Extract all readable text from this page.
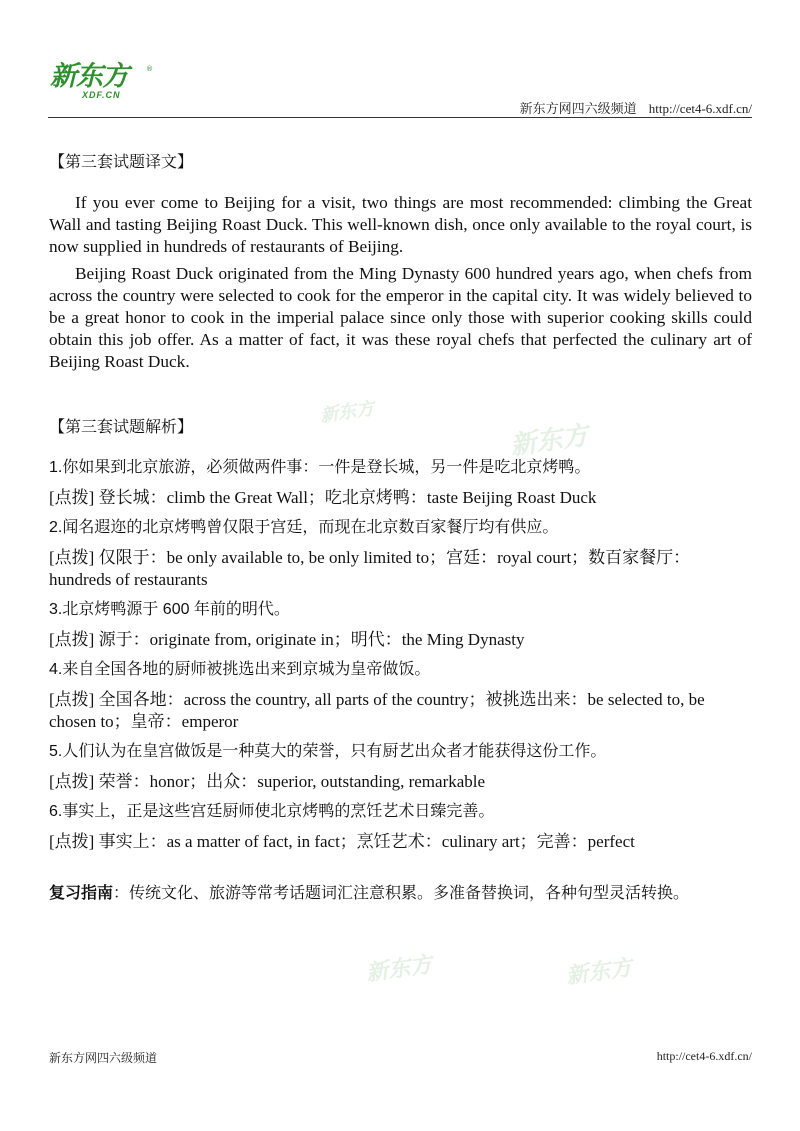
新东方
XDF.CN
®
新东方网四六级频道 http://cet4-6.xdf.cn/
新东方
新东方
新东方	新东方

【第三套试题译文】

If you ever come to Beijing for a visit, two things are most recommended: climbing the Great Wall and tasting Beijing Roast Duck. This well-known dish, once only available to the royal court, is now supplied in hundreds of restaurants of Beijing.

Beijing Roast Duck originated from the Ming Dynasty 600 hundred years ago, when chefs from across the country were selected to cook for the emperor in the capital city. It was widely believed to be a great honor to cook in the imperial palace since only those with superior cooking skills could obtain this job offer. As a matter of fact, it was these royal chefs that perfected the culinary art of Beijing Roast Duck.

【第三套试题解析】

1.你如果到北京旅游，必须做两件事：一件是登长城，另一件是吃北京烤鸭。

[点拨] 登长城：climb the Great Wall；吃北京烤鸭：taste Beijing Roast Duck

2.闻名遐迩的北京烤鸭曾仅限于宫廷，而现在北京数百家餐厅均有供应。

[点拨] 仅限于：be only available to, be only limited to；宫廷：royal court；数百家餐厅：hundreds of restaurants

3.北京烤鸭源于 600 年前的明代。

[点拨] 源于：originate from, originate in；明代：the Ming Dynasty

4.来自全国各地的厨师被挑选出来到京城为皇帝做饭。

[点拨] 全国各地：across the country, all parts of the country；被挑选出来：be selected to, be chosen to；皇帝：emperor

5.人们认为在皇宫做饭是一种莫大的荣誉，只有厨艺出众者才能获得这份工作。

[点拨] 荣誉：honor；出众：superior, outstanding, remarkable

6.事实上，正是这些宫廷厨师使北京烤鸭的烹饪艺术日臻完善。

[点拨] 事实上：as a matter of fact, in fact；烹饪艺术：culinary art；完善：perfect

复习指南：传统文化、旅游等常考话题词汇注意积累。多准备替换词，各种句型灵活转换。

新东方网四六级频道	http://cet4-6.xdf.cn/
